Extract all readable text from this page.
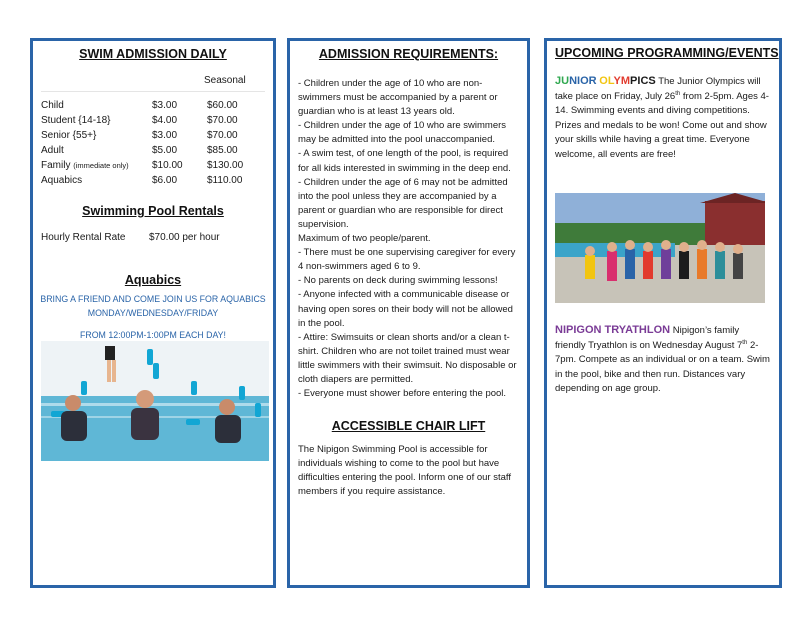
SWIM ADMISSION DAILY
Seasonal
Child	$3.00	$60.00
Student {14-18}	$4.00	$70.00
Senior {55+}	$3.00	$70.00
Adult	$5.00	$85.00
Family (immediate only)	$10.00	$130.00
Aquabics	$6.00	$110.00
Swimming Pool Rentals
Hourly Rental Rate	$70.00 per hour
Aquabics
BRING A FRIEND AND COME JOIN US FOR AQUABICS
MONDAY/WEDNESDAY/FRIDAY
FROM 12:00PM-1:00PM EACH DAY!
ADMISSION REQUIREMENTS:
- Children under the age of 10 who are non-swimmers must be accompanied by a parent or guardian who is at least 13 years old.
- Children under the age of 10 who are swimmers may be admitted into the pool unaccompanied.
- A swim test, of one length of the pool, is required for all kids interested in swimming in the deep end.
- Children under the age of 6 may not be admitted into the pool unless they are accompanied by a parent or guardian who are responsible for direct supervision.
Maximum of two people/parent.
- There must be one supervising caregiver for every 4 non-swimmers aged 6 to 9.
- No parents on deck during swimming lessons!
- Anyone infected with a communicable disease or having open sores on their body will not be allowed in the pool.
- Attire: Swimsuits or clean shorts and/or a clean t-shirt. Children who are not toilet trained must wear little swimmers with their swimsuit. No disposable or cloth diapers are permitted.
- Everyone must shower before entering the pool.
ACCESSIBLE CHAIR LIFT
The Nipigon Swimming Pool is accessible for individuals wishing to come to the pool but have difficulties entering the pool. Inform one of our staff members if you require assistance.
UPCOMING PROGRAMMING/EVENTS
JUNIOR OLYMPICS The Junior Olympics will take place on Friday, July 26th from 2-5pm. Ages 4-14. Swimming events and diving competitions. Prizes and medals to be won! Come out and show your skills while having a great time. Everyone welcome, all events are free!
NIPIGON TRYATHLON Nipigon’s family friendly Tryathlon is on Wednesday August 7th 2-7pm. Compete as an individual or on a team. Swim in the pool, bike and then run. Distances vary depending on age group.
